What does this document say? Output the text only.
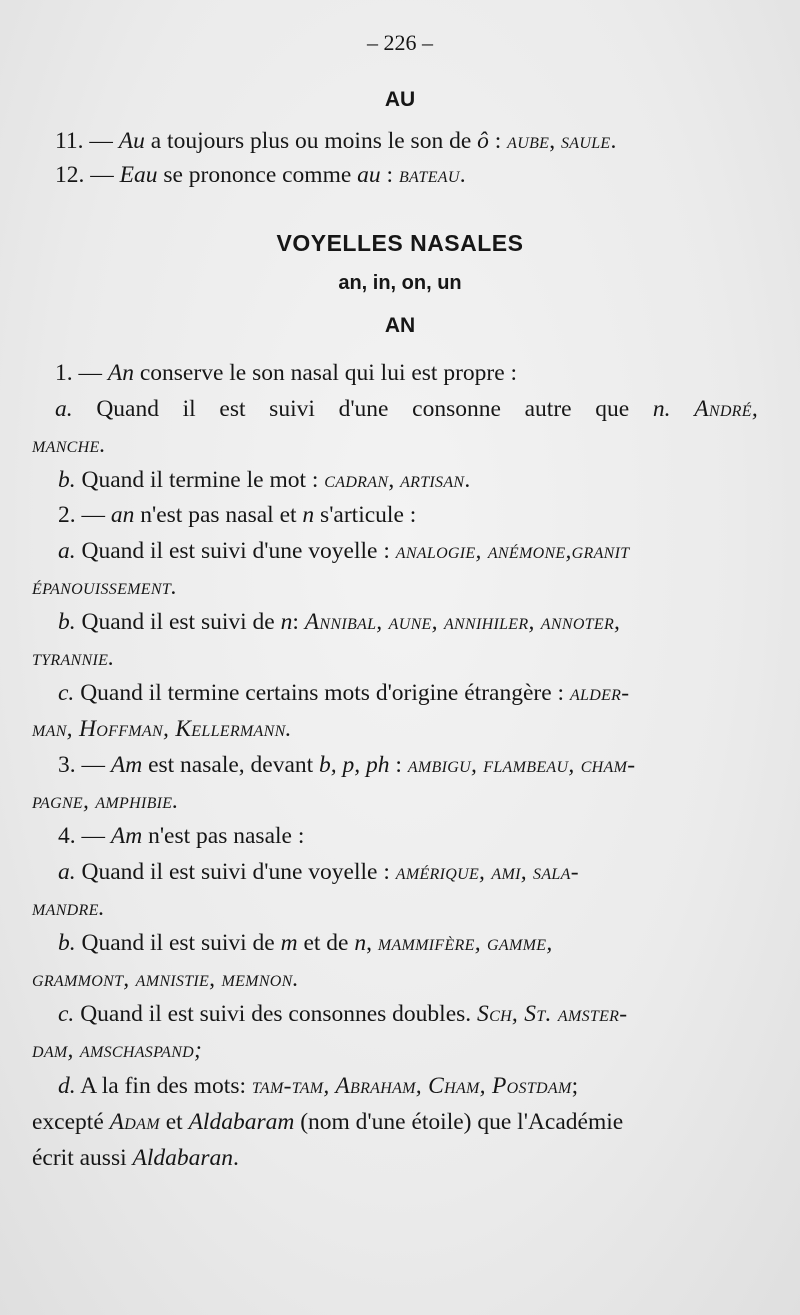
– 226 –
AU
11. — Au a toujours plus ou moins le son de ô : aube, saule.
12. — Eau se prononce comme au : bateau.
VOYELLES NASALES
an, in, on, un
AN
1. — An conserve le son nasal qui lui est propre :
a. Quand il est suivi d'une consonne autre que n. André,
manche.
b. Quand il termine le mot : cadran, artisan.
2. — an n'est pas nasal et n s'articule :
a. Quand il est suivi d'une voyelle : analogie, anémone,granit
épanouissement.
b. Quand il est suivi de n: Annibal, aune, annihiler, annoter,
tyrannie.
c. Quand il termine certains mots d'origine étrangère : alder-
man, Hoffman, Kellermann.
3. — Am est nasale, devant b, p, ph : ambigu, flambeau, cham-
pagne, amphibie.
4. — Am n'est pas nasale :
a. Quand il est suivi d'une voyelle : amérique, ami, sala-
mandre.
b. Quand il est suivi de m et de n, mammifère, gamme,
grammont, amnistie, memnon.
c. Quand il est suivi des consonnes doubles. Sch, St. amster-
dam, amschaspand;
d. A la fin des mots: tam-tam, Abraham, Cham, Postdam;
excepté Adam et Aldabaram (nom d'une étoile) que l'Académie
écrit aussi Aldabaran.
